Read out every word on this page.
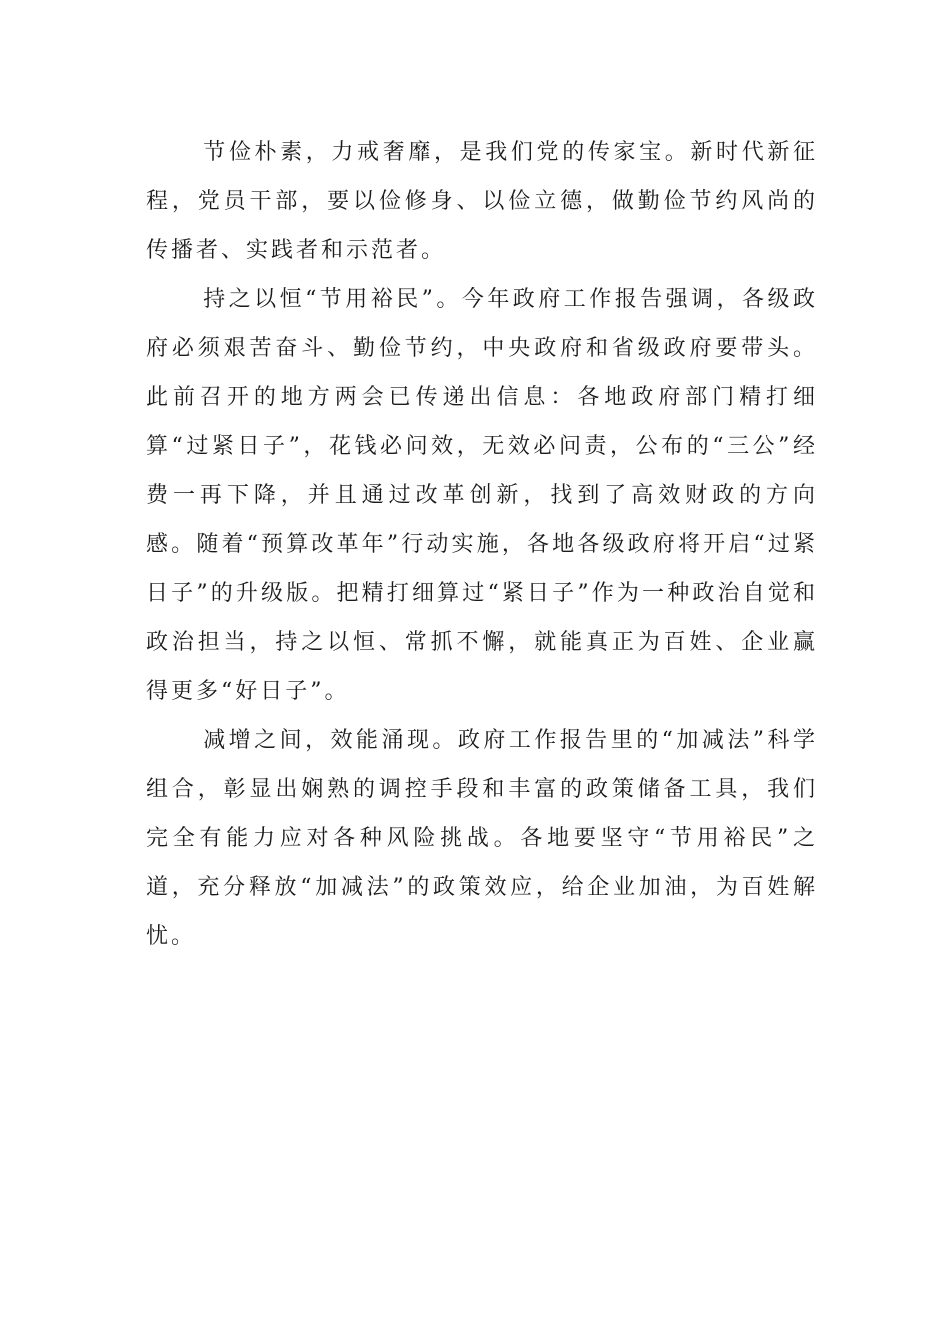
节俭朴素，力戒奢靡，是我们党的传家宝。新时代新征程，党员干部，要以俭修身、以俭立德，做勤俭节约风尚的传播者、实践者和示范者。

持之以恒“节用裕民”。今年政府工作报告强调，各级政府必须艰苦奋斗、勤俭节约，中央政府和省级政府要带头。此前召开的地方两会已传递出信息：各地政府部门精打细算“过紧日子”，花钱必问效，无效必问责，公布的“三公”经费一再下降，并且通过改革创新，找到了高效财政的方向感。随着“预算改革年”行动实施，各地各级政府将开启“过紧日子”的升级版。把精打细算过“紧日子”作为一种政治自觉和政治担当，持之以恒、常抓不懈，就能真正为百姓、企业赢得更多“好日子”。

减增之间，效能涌现。政府工作报告里的“加减法”科学组合，彰显出娴熟的调控手段和丰富的政策储备工具，我们完全有能力应对各种风险挑战。各地要坚守“节用裕民”之道，充分释放“加减法”的政策效应，给企业加油，为百姓解忧。
